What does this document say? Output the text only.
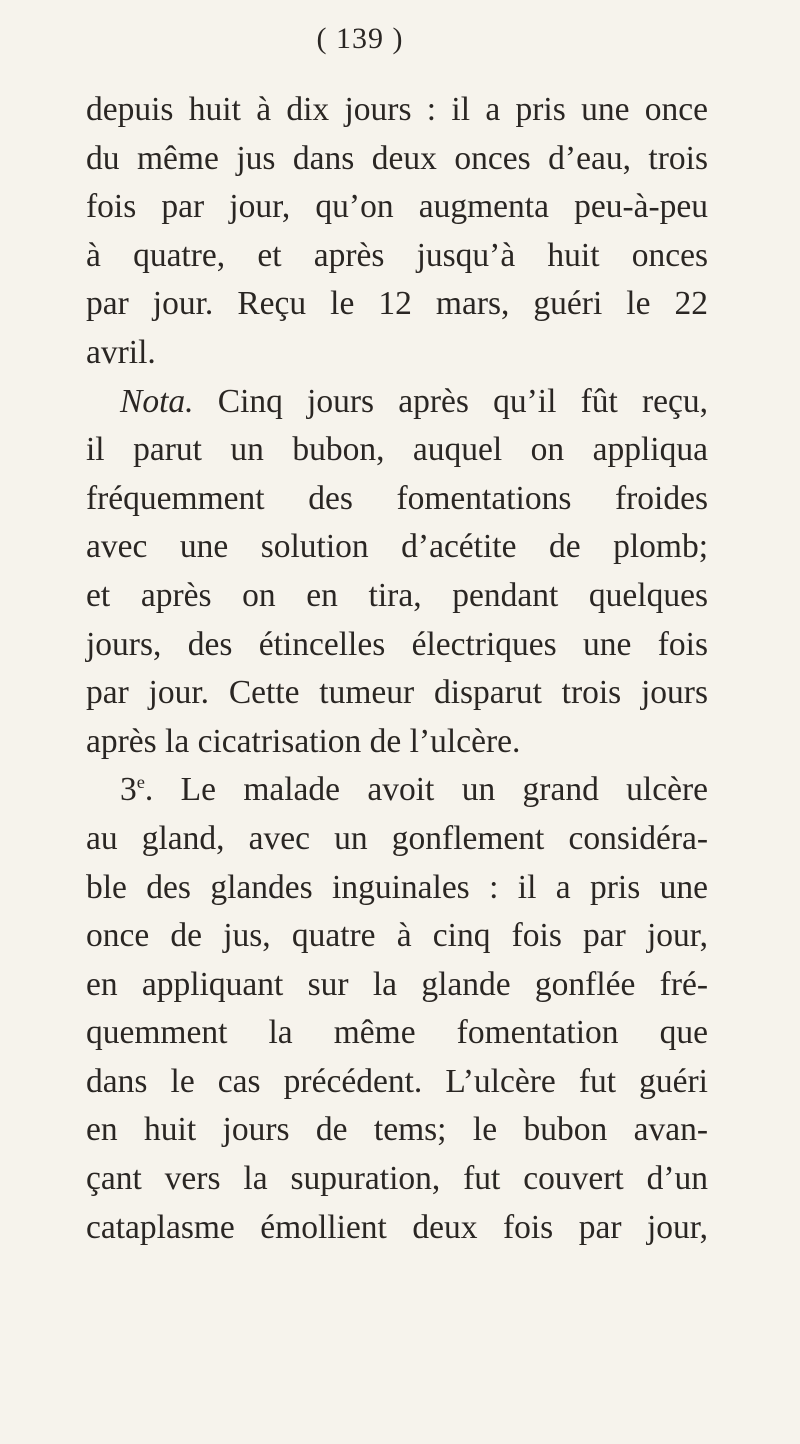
( 139 )
depuis huit à dix jours : il a pris une once
du même jus dans deux onces d’eau, trois
fois par jour, qu’on augmenta peu-à-peu
à quatre, et après jusqu’à huit onces
par jour. Reçu le 12 mars, guéri le 22
avril.
Nota. Cinq jours après qu’il fût reçu,
il parut un bubon, auquel on appliqua
fréquemment des fomentations froides
avec une solution d’acétite de plomb;
et après on en tira, pendant quelques
jours, des étincelles électriques une fois
par jour. Cette tumeur disparut trois jours
après la cicatrisation de l’ulcère.
3e. Le malade avoit un grand ulcère
au gland, avec un gonflement considéra-
ble des glandes inguinales : il a pris une
once de jus, quatre à cinq fois par jour,
en appliquant sur la glande gonflée fré-
quemment la même fomentation que
dans le cas précédent. L’ulcère fut guéri
en huit jours de tems; le bubon avan-
çant vers la supuration, fut couvert d’un
cataplasme émollient deux fois par jour,
